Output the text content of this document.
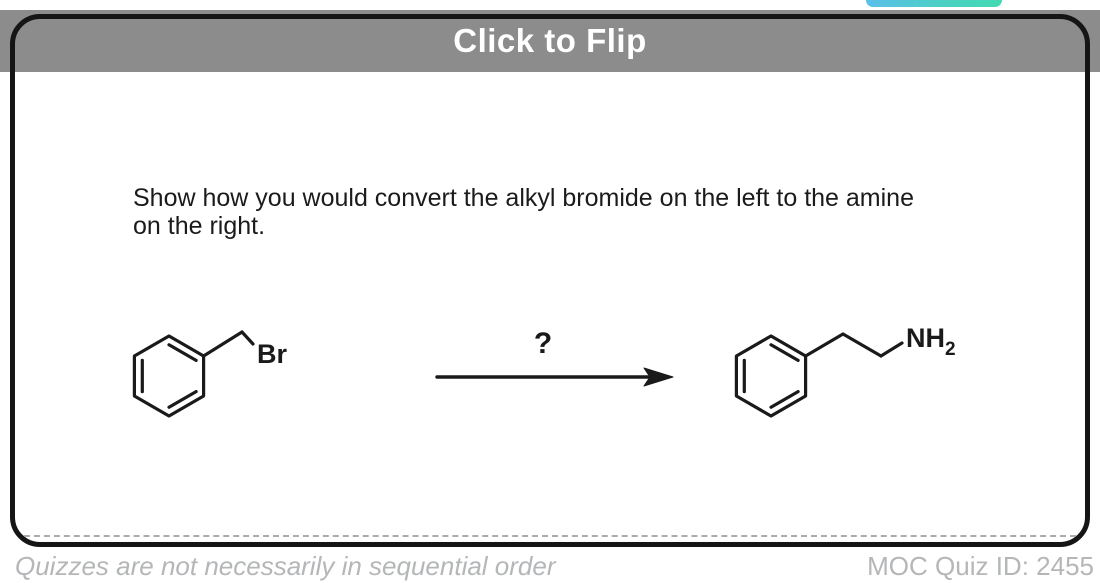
Click to Flip
Show how you would convert the alkyl bromide on the left to the amine
on the right.
Br	?	$NH_2$
Quizzes are not necessarily in sequential order	MOC Quiz ID: 2455
